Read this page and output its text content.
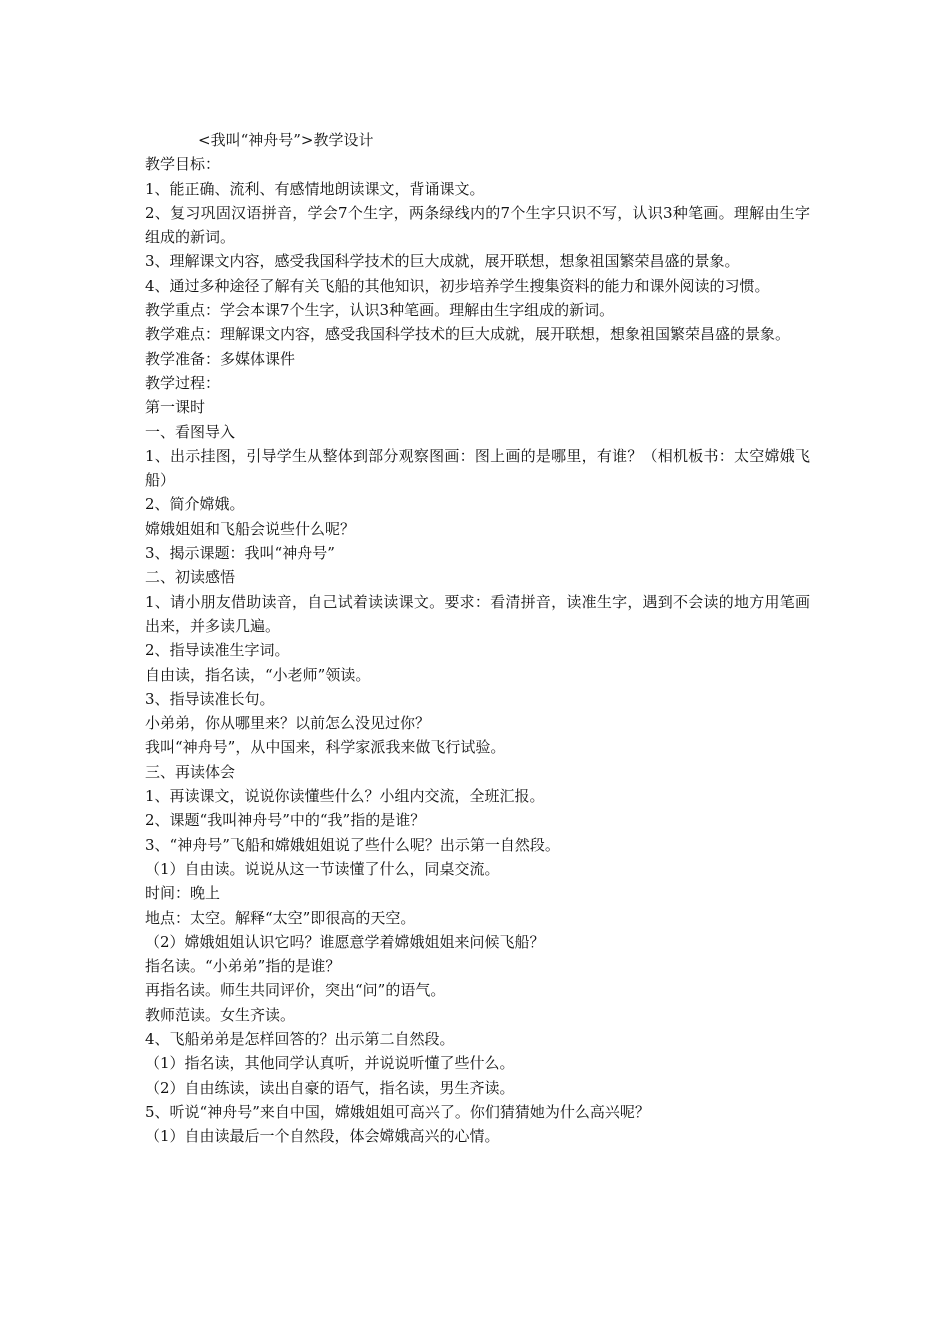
<我叫“神舟号”>教学设计

教学目标：

1、能正确、流利、有感情地朗读课文，背诵课文。

2、复习巩固汉语拼音，学会7个生字，两条绿线内的7个生字只识不写，认识3种笔画。理解由生字组成的新词。

3、理解课文内容，感受我国科学技术的巨大成就，展开联想，想象祖国繁荣昌盛的景象。

4、通过多种途径了解有关飞船的其他知识，初步培养学生搜集资料的能力和课外阅读的习惯。

教学重点：学会本课7个生字，认识3种笔画。理解由生字组成的新词。

教学难点：理解课文内容，感受我国科学技术的巨大成就，展开联想，想象祖国繁荣昌盛的景象。

教学准备：多媒体课件

教学过程：

第一课时

一、看图导入

1、出示挂图，引导学生从整体到部分观察图画：图上画的是哪里，有谁？（相机板书：太空嫦娥飞船）

2、简介嫦娥。

嫦娥姐姐和飞船会说些什么呢？

3、揭示课题：我叫“神舟号”

二、初读感悟

1、请小朋友借助读音，自己试着读读课文。要求：看清拼音，读准生字，遇到不会读的地方用笔画出来，并多读几遍。

2、指导读准生字词。

自由读，指名读，“小老师”领读。

3、指导读准长句。

小弟弟，你从哪里来？以前怎么没见过你？

我叫“神舟号”，从中国来，科学家派我来做飞行试验。

三、再读体会

1、再读课文，说说你读懂些什么？小组内交流，全班汇报。

2、课题“我叫神舟号”中的“我”指的是谁？

3、“神舟号”飞船和嫦娥姐姐说了些什么呢？出示第一自然段。

（1）自由读。说说从这一节读懂了什么，同桌交流。

时间：晚上

地点：太空。解释“太空”即很高的天空。

（2）嫦娥姐姐认识它吗？谁愿意学着嫦娥姐姐来问候飞船？

指名读。“小弟弟”指的是谁？

再指名读。师生共同评价，突出“问”的语气。

教师范读。女生齐读。

4、飞船弟弟是怎样回答的？出示第二自然段。

（1）指名读，其他同学认真听，并说说听懂了些什么。

（2）自由练读，读出自豪的语气，指名读，男生齐读。

5、听说“神舟号”来自中国，嫦娥姐姐可高兴了。你们猜猜她为什么高兴呢？

（1）自由读最后一个自然段，体会嫦娥高兴的心情。
